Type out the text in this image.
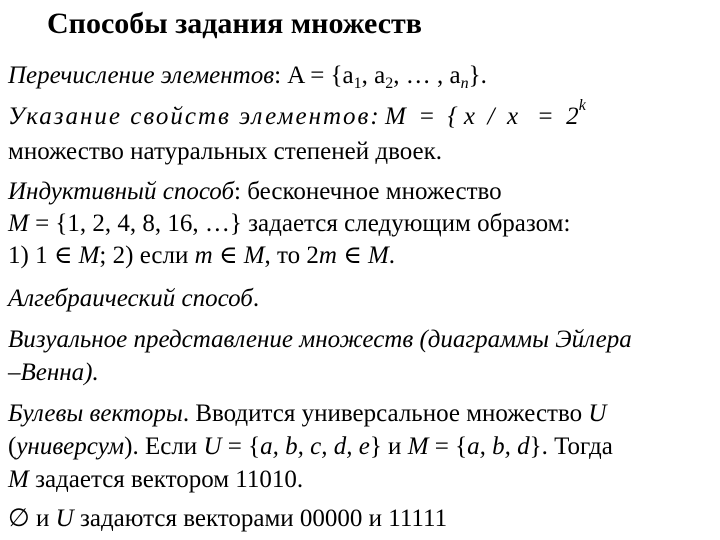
Способы задания множеств
Перечисление элементов: $A = \{a_1$, $a_2$, … , $a_n$}.
Указание свойств элементов: M  =  { x  /  x   =  2$^k$
множество натуральных степеней двоек.
Индуктивный способ: бесконечное множество
M = {1, 2, 4, 8, 16, …} задается следующим образом:
1) 1 ∈ M; 2) если m ∈ M, то 2m ∈ M.
Алгебраический способ.
Визуальное представление множеств (диаграммы Эйлера
–Венна).
Булевы векторы. Вводится универсальное множество U
(универсум). Если U = {a, b, c, d, e} и M = {a, b, d}. Тогда
M задается вектором 11010.
∅ и U задаются векторами 00000 и 11111
